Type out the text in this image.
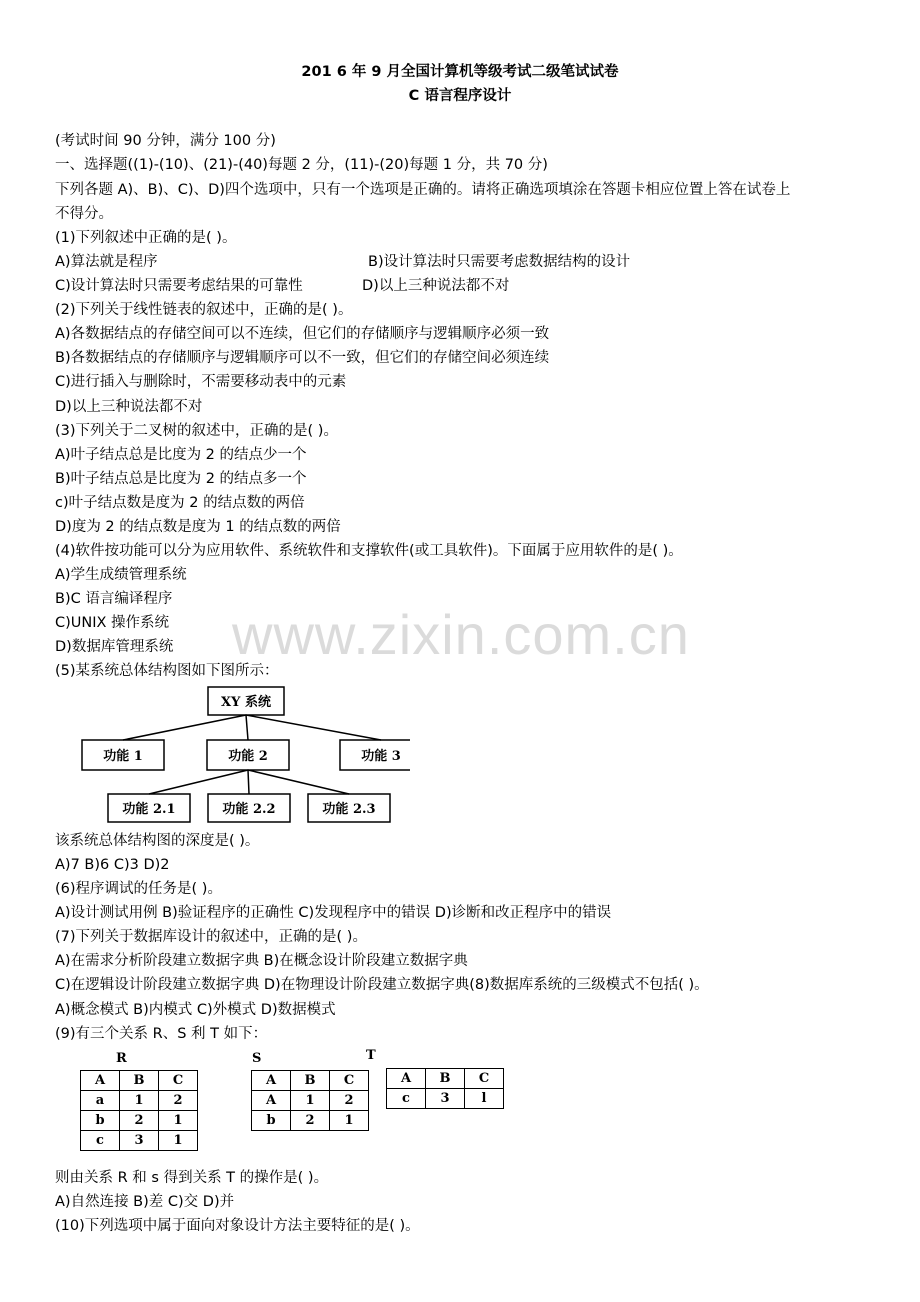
201 6 年 9 月全国计算机等级考试二级笔试试卷
C 语言程序设计
(考试时间 90 分钟，满分 100 分)
一、选择题((1)-(10)、(21)-(40)每题 2 分，(11)-(20)每题 1 分，共 70 分)
下列各题 A)、B)、C)、D)四个选项中，只有一个选项是正确的。请将正确选项填涂在答题卡相应位置上答在试卷上
不得分。
(1)下列叙述中正确的是( )。
A)算法就是程序	B)设计算法时只需要考虑数据结构的设计
C)设计算法时只需要考虑结果的可靠性	D)以上三种说法都不对
(2)下列关于线性链表的叙述中，正确的是( )。
A)各数据结点的存储空间可以不连续，但它们的存储顺序与逻辑顺序必须一致
B)各数据结点的存储顺序与逻辑顺序可以不一致，但它们的存储空间必须连续
C)进行插入与删除时，不需要移动表中的元素
D)以上三种说法都不对
(3)下列关于二叉树的叙述中，正确的是( )。
A)叶子结点总是比度为 2 的结点少一个
B)叶子结点总是比度为 2 的结点多一个
c)叶子结点数是度为 2 的结点数的两倍
D)度为 2 的结点数是度为 1 的结点数的两倍
(4)软件按功能可以分为应用软件、系统软件和支撑软件(或工具软件)。下面属于应用软件的是( )。
A)学生成绩管理系统
B)C 语言编译程序
C)UNIX 操作系统
D)数据库管理系统 www.zixin.com.cn
(5)某系统总体结构图如下图所示：
XY 系统
功能 1	功能 2	功能 3
功能 2.1	功能 2.2	功能 2.3
该系统总体结构图的深度是( )。
A)7 B)6 C)3 D)2
(6)程序调试的任务是( )。
A)设计测试用例 B)验证程序的正确性 C)发现程序中的错误 D)诊断和改正程序中的错误
(7)下列关于数据库设计的叙述中，正确的是( )。
A)在需求分析阶段建立数据字典 B)在概念设计阶段建立数据字典
C)在逻辑设计阶段建立数据字典 D)在物理设计阶段建立数据字典(8)数据库系统的三级模式不包括( )。
A)概念模式 B)内模式 C)外模式 D)数据模式
(9)有三个关系 R、S 利 T 如下：
R
A	B	C
a	1	2
b	2	1
c	3	1
S
A	B	C
A	1	2
b	2	1
T
A	B	C
c	3	l
则由关系 R 和 s 得到关系 T 的操作是( )。
A)自然连接 B)差 C)交 D)并
(10)下列选项中属于面向对象设计方法主要特征的是( )。
